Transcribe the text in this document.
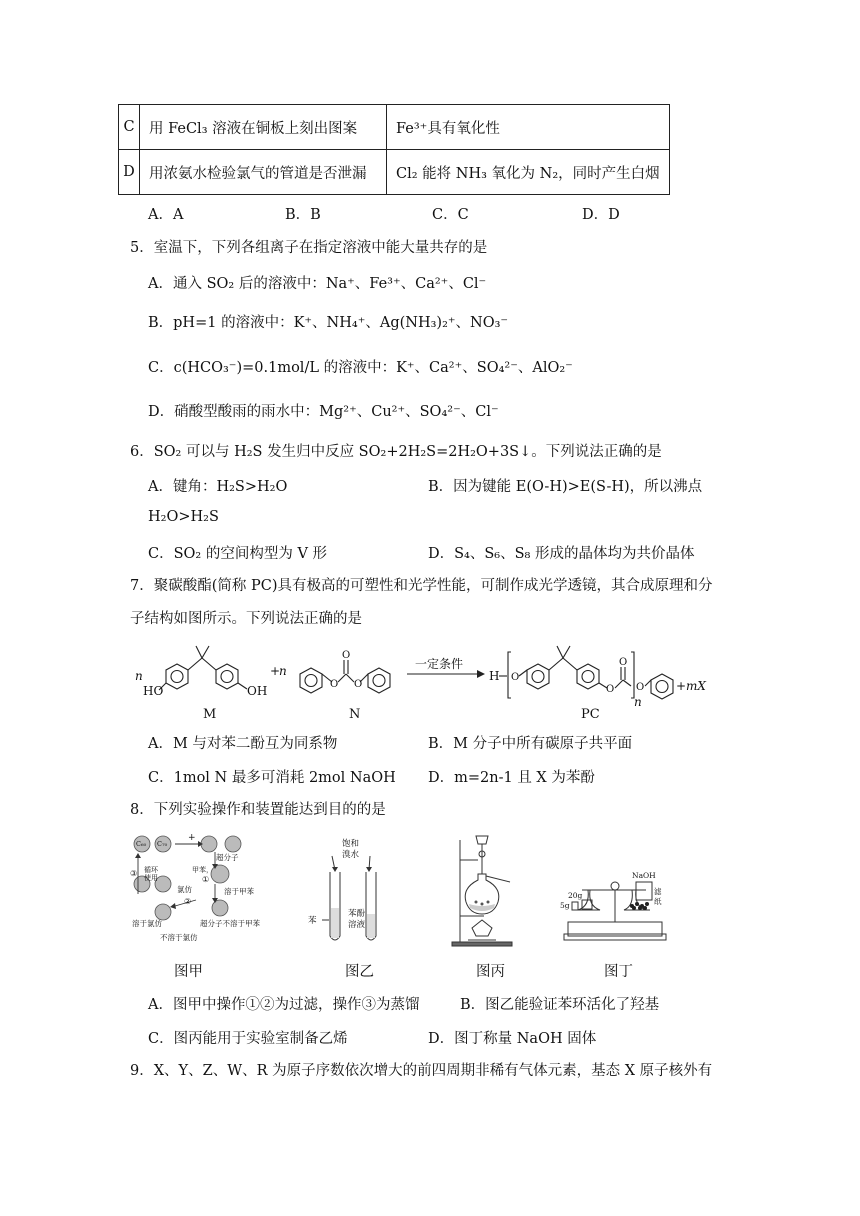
C	用 FeCl₃ 溶液在铜板上刻出图案	Fe³⁺具有氧化性
D	用浓氨水检验氯气的管道是否泄漏	Cl₂ 能将 NH₃ 氧化为 N₂，同时产生白烟
A．A	B．B	C．C	D．D
5．室温下，下列各组离子在指定溶液中能大量共存的是
A．通入 SO₂ 后的溶液中：Na⁺、Fe³⁺、Ca²⁺、Cl⁻
B．pH=1 的溶液中：K⁺、NH₄⁺、Ag(NH₃)₂⁺、NO₃⁻
C．c(HCO₃⁻)=0.1mol/L 的溶液中：K⁺、Ca²⁺、SO₄²⁻、AlO₂⁻
D．硝酸型酸雨的雨水中：Mg²⁺、Cu²⁺、SO₄²⁻、Cl⁻
6．SO₂ 可以与 H₂S 发生归中反应 SO₂+2H₂S=2H₂O+3S↓。下列说法正确的是
A．键角：H₂S>H₂O	B．因为键能 E(O-H)>E(S-H)，所以沸点
H₂O>H₂S
C．SO₂ 的空间构型为 V 形	D．S₄、S₆、S₈ 形成的晶体均为共价晶体
7．聚碳酸酯(简称 PC)具有极高的可塑性和光学性能，可制作成光学透镜，其合成原理和分
子结构如图所示。下列说法正确的是
n
HO	OH
+
n
O O
O
一定条件
H O
O
O
O
n
+mX
M	N	PC
A．M 与对苯二酚互为同系物	B．M 分子中所有碳原子共平面
C．1mol N 最多可消耗 2mol NaOH D．m=2n-1 且 X 为苯酚
8．下列实验操作和装置能达到目的的是
C₆₀ C₇₀
+
超分子
甲苯，
①
循环
使用
③
氯仿
②
溶于甲苯
溶于氯仿	超分子不溶于甲苯
不溶于氯仿
饱和
溴水
苯
苯酚
溶液
20g
5g
NaOH
滤
纸
图甲	图乙	图丙	图丁
A．图甲中操作①②为过滤，操作③为蒸馏	B．图乙能验证苯环活化了羟基
C．图丙能用于实验室制备乙烯	D．图丁称量 NaOH 固体
9．X、Y、Z、W、R 为原子序数依次增大的前四周期非稀有气体元素，基态 X 原子核外有
